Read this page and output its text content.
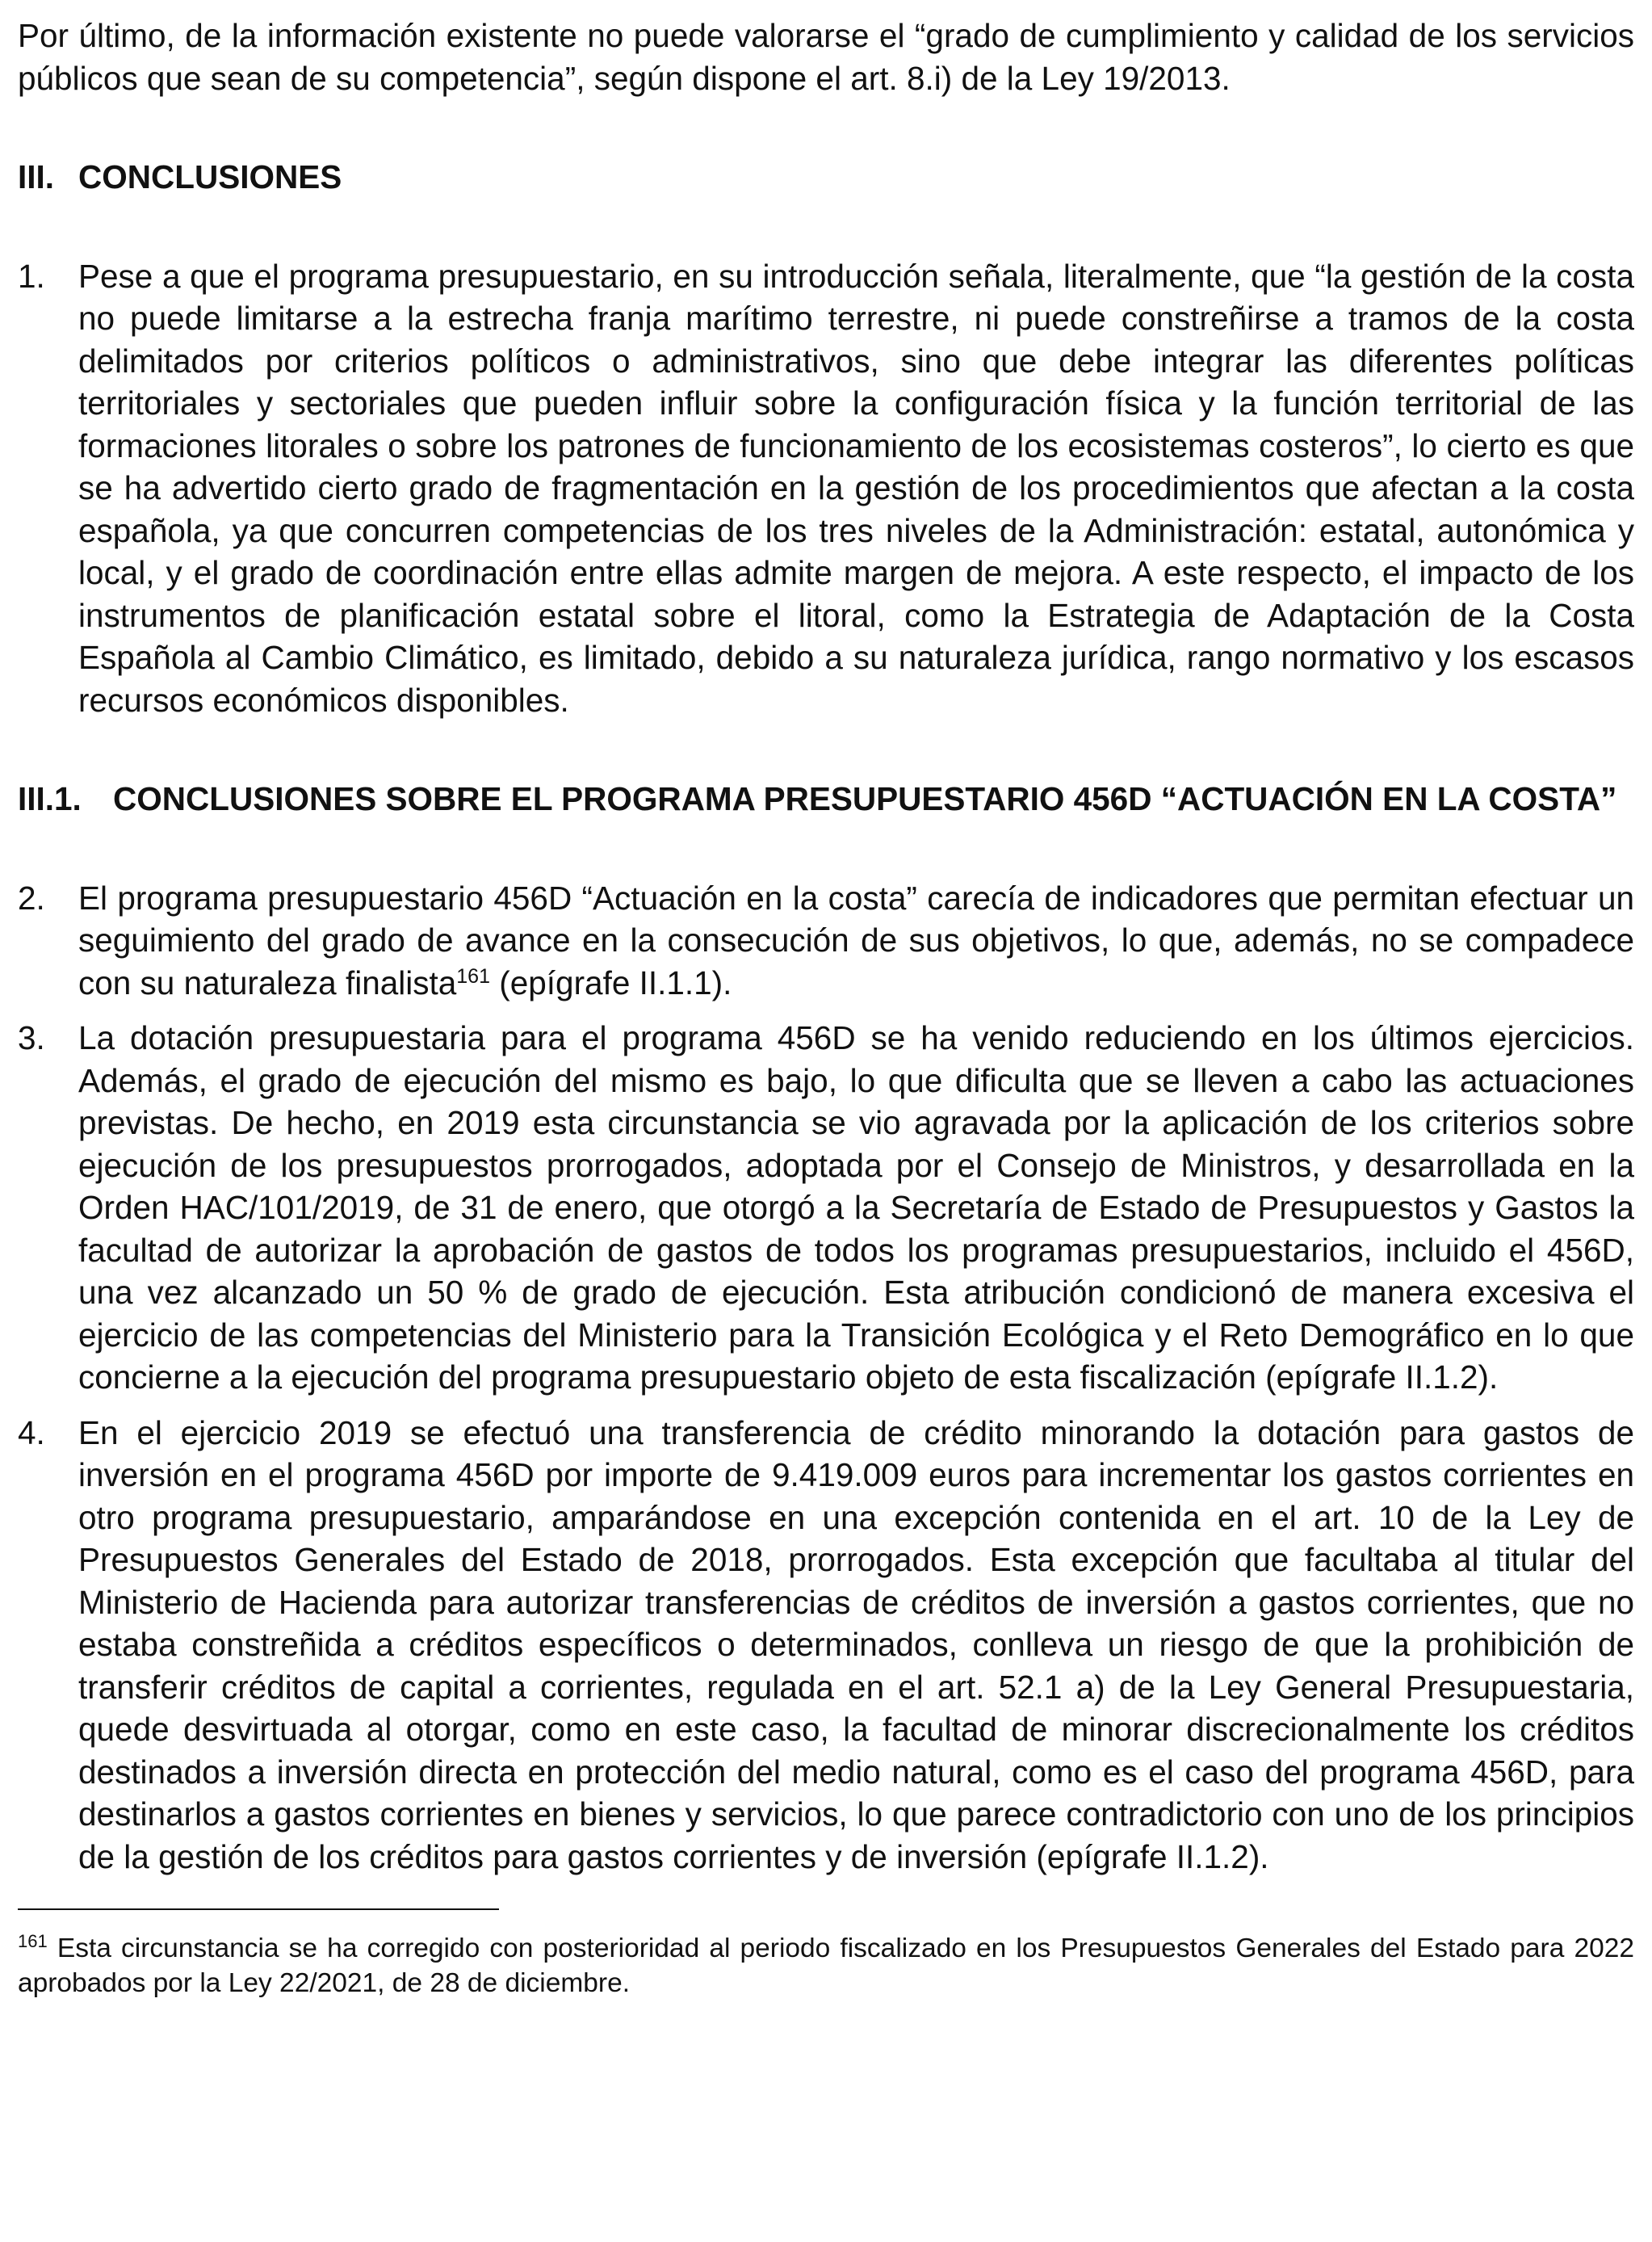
Por último, de la información existente no puede valorarse el “grado de cumplimiento y calidad de los servicios públicos que sean de su competencia”, según dispone el art. 8.i) de la Ley 19/2013.

III. CONCLUSIONES
1.	Pese a que el programa presupuestario, en su introducción señala, literalmente, que “la gestión de la costa no puede limitarse a la estrecha franja marítimo terrestre, ni puede constreñirse a tramos de la costa delimitados por criterios políticos o administrativos, sino que debe integrar las diferentes políticas territoriales y sectoriales que pueden influir sobre la configuración física y la función territorial de las formaciones litorales o sobre los patrones de funcionamiento de los ecosistemas costeros”, lo cierto es que se ha advertido cierto grado de fragmentación en la gestión de los procedimientos que afectan a la costa española, ya que concurren competencias de los tres niveles de la Administración: estatal, autonómica y local, y el grado de coordinación entre ellas admite margen de mejora. A este respecto, el impacto de los instrumentos de planificación estatal sobre el litoral, como la Estrategia de Adaptación de la Costa Española al Cambio Climático, es limitado, debido a su naturaleza jurídica, rango normativo y los escasos recursos económicos disponibles.
III.1. CONCLUSIONES SOBRE EL PROGRAMA PRESUPUESTARIO 456D “ACTUACIÓN EN LA COSTA”
2.	El programa presupuestario 456D “Actuación en la costa” carecía de indicadores que permitan efectuar un seguimiento del grado de avance en la consecución de sus objetivos, lo que, además, no se compadece con su naturaleza finalista$^{161}$ (epígrafe II.1.1).
3.	La dotación presupuestaria para el programa 456D se ha venido reduciendo en los últimos ejercicios. Además, el grado de ejecución del mismo es bajo, lo que dificulta que se lleven a cabo las actuaciones previstas. De hecho, en 2019 esta circunstancia se vio agravada por la aplicación de los criterios sobre ejecución de los presupuestos prorrogados, adoptada por el Consejo de Ministros, y desarrollada en la Orden HAC/101/2019, de 31 de enero, que otorgó a la Secretaría de Estado de Presupuestos y Gastos la facultad de autorizar la aprobación de gastos de todos los programas presupuestarios, incluido el 456D, una vez alcanzado un 50 % de grado de ejecución. Esta atribución condicionó de manera excesiva el ejercicio de las competencias del Ministerio para la Transición Ecológica y el Reto Demográfico en lo que concierne a la ejecución del programa presupuestario objeto de esta fiscalización (epígrafe II.1.2).
4.	En el ejercicio 2019 se efectuó una transferencia de crédito minorando la dotación para gastos de inversión en el programa 456D por importe de 9.419.009 euros para incrementar los gastos corrientes en otro programa presupuestario, amparándose en una excepción contenida en el art. 10 de la Ley de Presupuestos Generales del Estado de 2018, prorrogados. Esta excepción que facultaba al titular del Ministerio de Hacienda para autorizar transferencias de créditos de inversión a gastos corrientes, que no estaba constreñida a créditos específicos o determinados, conlleva un riesgo de que la prohibición de transferir créditos de capital a corrientes, regulada en el art. 52.1 a) de la Ley General Presupuestaria, quede desvirtuada al otorgar, como en este caso, la facultad de minorar discrecionalmente los créditos destinados a inversión directa en protección del medio natural, como es el caso del programa 456D, para destinarlos a gastos corrientes en bienes y servicios, lo que parece contradictorio con uno de los principios de la gestión de los créditos para gastos corrientes y de inversión (epígrafe II.1.2).

$^{161}$ Esta circunstancia se ha corregido con posterioridad al periodo fiscalizado en los Presupuestos Generales del Estado para 2022 aprobados por la Ley 22/2021, de 28 de diciembre.
